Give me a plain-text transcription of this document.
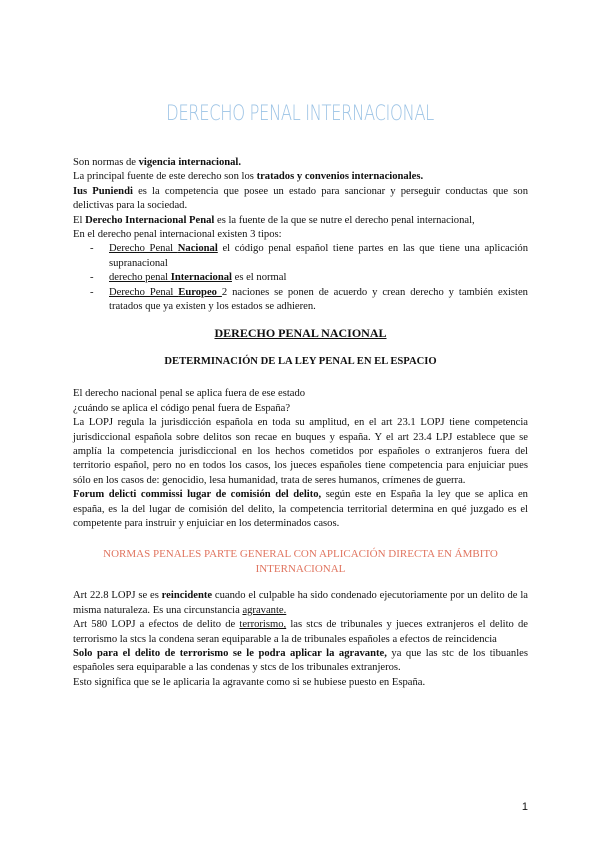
DERECHO PENAL INTERNACIONAL

Son normas de vigencia internacional.

La principal fuente de este derecho son los tratados y convenios internacionales.

Ius Puniendi es la competencia que posee un estado para sancionar y perseguir conductas que son delictivas para la sociedad.

El Derecho Internacional Penal es la fuente de la que se nutre el derecho penal internacional,

En el derecho penal internacional existen 3 tipos:

- Derecho Penal Nacional el código penal español tiene partes en las que tiene una aplicación supranacional
- derecho penal Internacional es el normal
- Derecho Penal Europeo 2 naciones se ponen de acuerdo y crean derecho y también existen tratados que ya existen y los estados se adhieren.

DERECHO PENAL NACIONAL

DETERMINACIÓN DE LA LEY PENAL EN EL ESPACIO

El derecho nacional penal se aplica fuera de ese estado

¿cuándo se aplica el código penal fuera de España?

La LOPJ regula la jurisdicción española en toda su amplitud, en el art 23.1 LOPJ tiene competencia jurisdiccional española sobre delitos son recae en buques y españa. Y el art 23.4 LPJ establece que se amplía la competencia jurisdiccional en los hechos cometidos por españoles o extranjeros fuera del territorio español, pero no en todos los casos, los jueces españoles tiene competencia para enjuiciar pues sólo en los casos de: genocidio, lesa humanidad, trata de seres humanos, crímenes de guerra.

Forum delicti commissi lugar de comisión del delito, según este en España la ley que se aplica en españa, es la del lugar de comisión del delito, la competencia territorial determina en qué juzgado es el competente para instruir y enjuiciar en los determinados casos.

NORMAS PENALES PARTE GENERAL CON APLICACIÓN DIRECTA EN ÁMBITO INTERNACIONAL

Art 22.8 LOPJ se es reincidente cuando el culpable ha sido condenado ejecutoriamente por un delito de la misma naturaleza. Es una circunstancia agravante.

Art 580 LOPJ a efectos de delito de terrorismo, las stcs de tribunales y jueces extranjeros el delito de terrorismo la stcs la condena seran equiparable a la de tribunales españoles a efectos de reincidencia

Solo para el delito de terrorismo se le podra aplicar la agravante, ya que las stc de los tibuanles españoles sera equiparable a las condenas y stcs de los tribunales extranjeros.

Esto significa que se le aplicaria la agravante como si se hubiese puesto en España.

1
